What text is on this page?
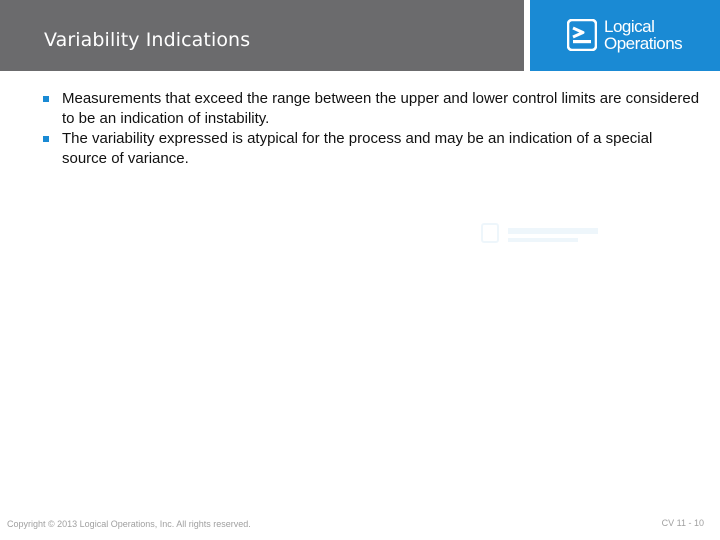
Variability Indications
Logical
Operations
Measurements that exceed the range between the upper and lower control limits are considered to be an indication of instability.
The variability expressed is atypical for the process and may be an indication of a special source of variance.
Copyright © 2013 Logical Operations, Inc. All rights reserved.	CV 11 - 10
